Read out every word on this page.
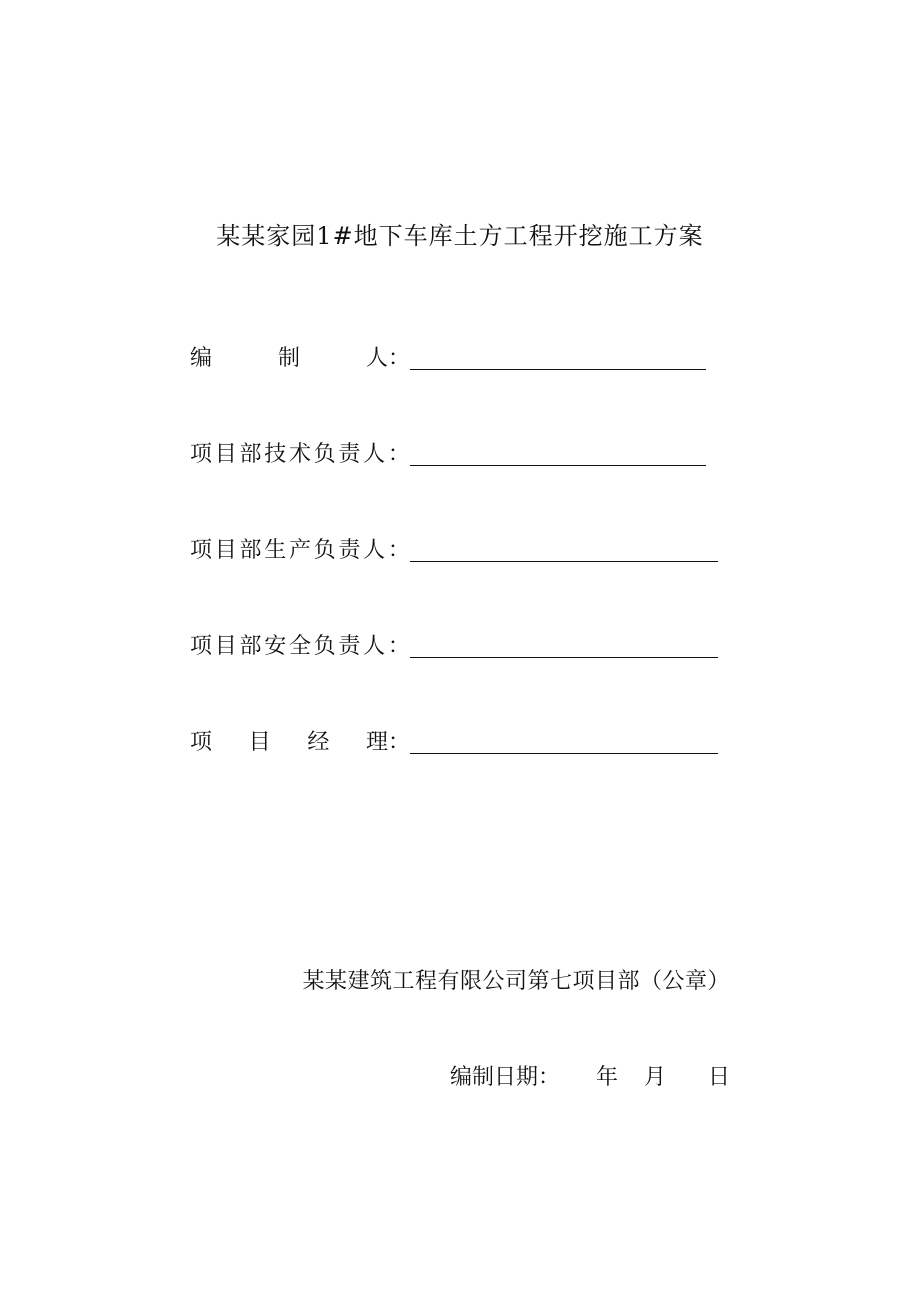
某某家园1#地下车库土方工程开挖施工方案
编	制	人 ：
项 目 部 技 术 负 责 人 ：
项 目 部 生 产 负 责 人 ：
项 目 部 安 全 负 责 人 ：
项 目 经 理 ：
某某建筑工程有限公司第七项目部（公章）
编制日期： 年 月 日
